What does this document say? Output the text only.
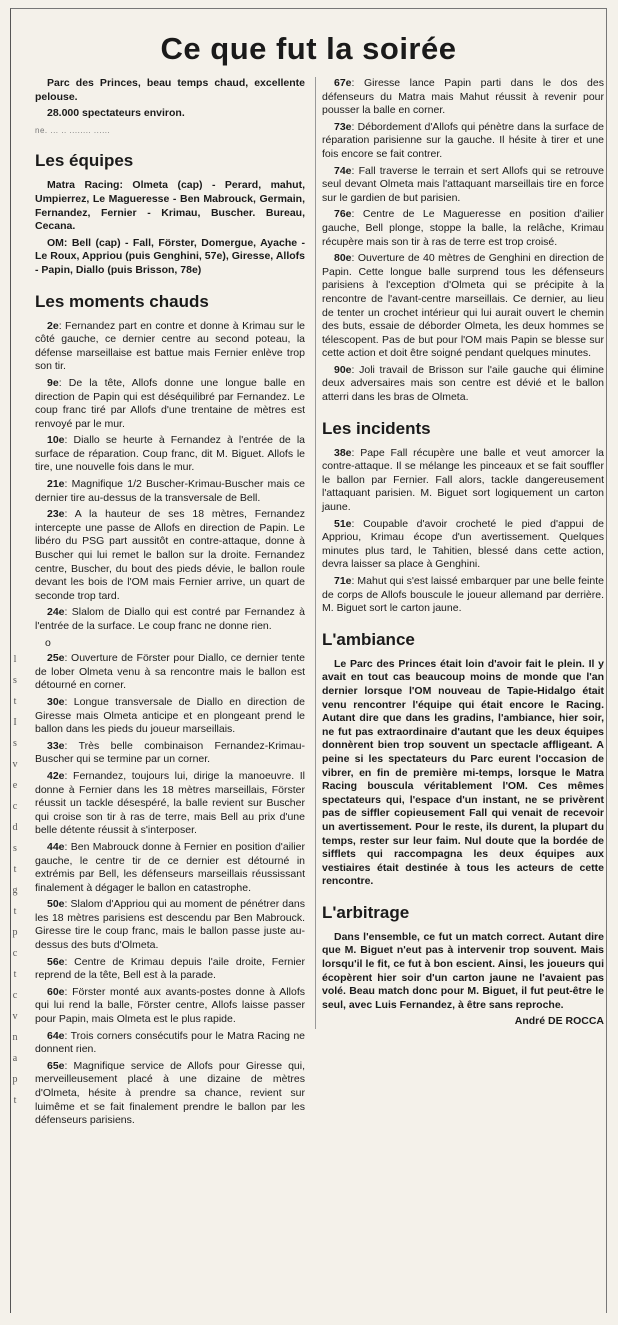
Ce que fut la soirée
l s t I s v e c d s t g t p c t c v n a p t

Parc des Princes, beau temps chaud, excellente pelouse.

28.000 spectateurs environ.

ne. ... .. ........ ......

Les équipes

Matra Racing: Olmeta (cap) - Perard, mahut, Umpierrez, Le Magueresse - Ben Mabrouck, Germain, Fernandez, Fernier - Krimau, Buscher. Bureau, Cecana.

OM: Bell (cap) - Fall, Förster, Domergue, Ayache - Le Roux, Appriou (puis Genghini, 57e), Giresse, Allofs - Papin, Diallo (puis Brisson, 78e)

Les moments chauds

2e: Fernandez part en contre et donne à Krimau sur le côté gauche, ce dernier centre au second poteau, la défense marseillaise est battue mais Fernier enlève trop son tir.

9e: De la tête, Allofs donne une longue balle en direction de Papin qui est déséquilibré par Fernandez. Le coup franc tiré par Allofs d'une trentaine de mètres est renvoyé par le mur.

10e: Diallo se heurte à Fernandez à l'entrée de la surface de réparation. Coup franc, dit M. Biguet. Allofs le tire, une nouvelle fois dans le mur.

21e: Magnifique 1/2 Buscher-Krimau-Buscher mais ce dernier tire au-dessus de la transversale de Bell.

23e: A la hauteur de ses 18 mètres, Fernandez intercepte une passe de Allofs en direction de Papin. Le libéro du PSG part aussitôt en contre-attaque, donne à Buscher qui lui remet le ballon sur la droite. Fernandez centre, Buscher, du bout des pieds dévie, le ballon roule devant les bois de l'OM mais Fernier arrive, un quart de seconde trop tard.

24e: Slalom de Diallo qui est contré par Fernandez à l'entrée de la surface. Le coup franc ne donne rien.

o

25e: Ouverture de Förster pour Diallo, ce dernier tente de lober Olmeta venu à sa rencontre mais le ballon est détourné en corner.

30e: Longue transversale de Diallo en direction de Giresse mais Olmeta anticipe et en plongeant prend le ballon dans les pieds du joueur marseillais.

33e: Très belle combinaison Fernandez-Krimau-Buscher qui se termine par un corner.

42e: Fernandez, toujours lui, dirige la manoeuvre. Il donne à Fernier dans les 18 mètres marseillais, Förster réussit un tackle désespéré, la balle revient sur Buscher qui croise son tir à ras de terre, mais Bell au prix d'une belle détente réussit à s'interposer.

44e: Ben Mabrouck donne à Fernier en position d'ailier gauche, le centre tir de ce dernier est détourné in extrémis par Bell, les défenseurs marseillais réussissant finalement à dégager le ballon en catastrophe.

50e: Slalom d'Appriou qui au moment de pénétrer dans les 18 mètres parisiens est descendu par Ben Mabrouck. Giresse tire le coup franc, mais le ballon passe juste au-dessus des buts d'Olmeta.

56e: Centre de Krimau depuis l'aile droite, Fernier reprend de la tête, Bell est à la parade.

60e: Förster monté aux avants-postes donne à Allofs qui lui rend la balle, Förster centre, Allofs laisse passer pour Papin, mais Olmeta est le plus rapide.

64e: Trois corners consécutifs pour le Matra Racing ne donnent rien.

65e: Magnifique service de Allofs pour Giresse qui, merveilleusement placé à une dizaine de mètres d'Olmeta, hésite à prendre sa chance, revient sur luimême et se fait finalement prendre le ballon par les défenseurs parisiens.

67e: Giresse lance Papin parti dans le dos des défenseurs du Matra mais Mahut réussit à revenir pour pousser la balle en corner.

73e: Débordement d'Allofs qui pénètre dans la surface de réparation parisienne sur la gauche. Il hésite à tirer et une fois encore se fait contrer.

74e: Fall traverse le terrain et sert Allofs qui se retrouve seul devant Olmeta mais l'attaquant marseillais tire en force sur le gardien de but parisien.

76e: Centre de Le Magueresse en position d'ailier gauche, Bell plonge, stoppe la balle, la relâche, Krimau récupère mais son tir à ras de terre est trop croisé.

80e: Ouverture de 40 mètres de Genghini en direction de Papin. Cette longue balle surprend tous les défenseurs parisiens à l'exception d'Olmeta qui se précipite à la rencontre de l'avant-centre marseillais. Ce dernier, au lieu de tenter un crochet intérieur qui lui aurait ouvert le chemin des buts, essaie de déborder Olmeta, les deux hommes se télescopent. Pas de but pour l'OM mais Papin se blesse sur cette action et doit être soigné pendant quelques minutes.

90e: Joli travail de Brisson sur l'aile gauche qui élimine deux adversaires mais son centre est dévié et le ballon atterri dans les bras de Olmeta.

Les incidents

38e: Pape Fall récupère une balle et veut amorcer la contre-attaque. Il se mélange les pinceaux et se fait souffler le ballon par Fernier. Fall alors, tackle dangereusement l'attaquant parisien. M. Biguet sort logiquement un carton jaune.

51e: Coupable d'avoir crocheté le pied d'appui de Appriou, Krimau écope d'un avertissement. Quelques minutes plus tard, le Tahitien, blessé dans cette action, devra laisser sa place à Genghini.

71e: Mahut qui s'est laissé embarquer par une belle feinte de corps de Allofs bouscule le joueur allemand par derrière. M. Biguet sort le carton jaune.

L'ambiance

Le Parc des Princes était loin d'avoir fait le plein. Il y avait en tout cas beaucoup moins de monde que l'an dernier lorsque l'OM nouveau de Tapie-Hidalgo était venu rencontrer l'équipe qui était encore le Racing. Autant dire que dans les gradins, l'ambiance, hier soir, ne fut pas extraordinaire d'autant que les deux équipes donnèrent bien trop souvent un spectacle affligeant. A peine si les spectateurs du Parc eurent l'occasion de vibrer, en fin de première mi-temps, lorsque le Matra Racing bouscula véritablement l'OM. Ces mêmes spectateurs qui, l'espace d'un instant, ne se privèrent pas de siffler copieusement Fall qui venait de recevoir un avertissement. Pour le reste, ils durent, la plupart du temps, rester sur leur faim. Nul doute que la bordée de sifflets qui raccompagna les deux équipes aux vestiaires était destinée à tous les acteurs de cette rencontre.

L'arbitrage

Dans l'ensemble, ce fut un match correct. Autant dire que M. Biguet n'eut pas à intervenir trop souvent. Mais lorsqu'il le fit, ce fut à bon escient. Ainsi, les joueurs qui écopèrent hier soir d'un carton jaune ne l'avaient pas volé. Beau match donc pour M. Biguet, il fut peut-être le seul, avec Luis Fernandez, à être sans reproche.

André DE ROCCA
